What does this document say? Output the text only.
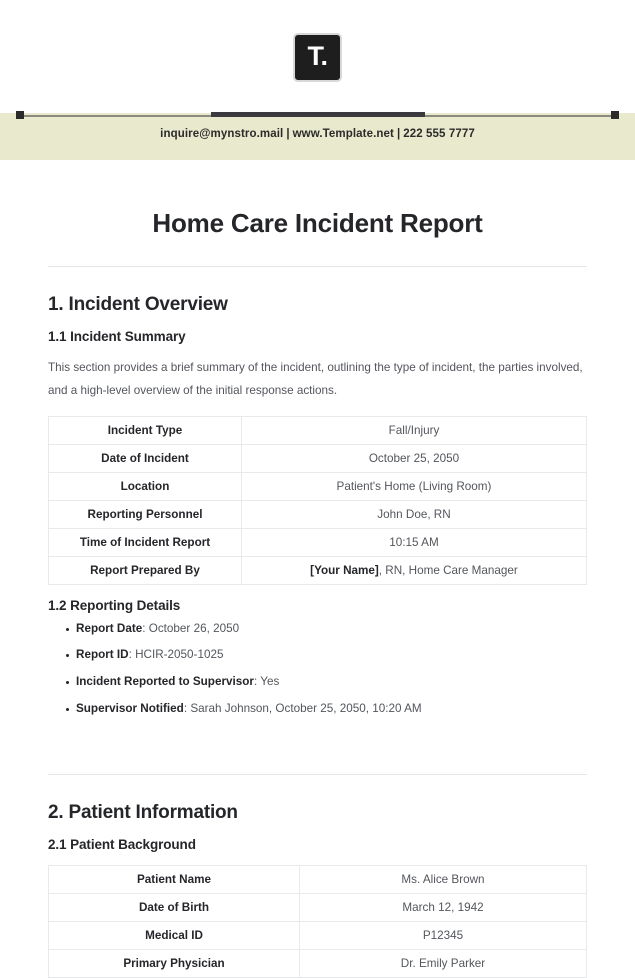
T.
inquire@mynstro.mail | www.Template.net | 222 555 7777
Home Care Incident Report
1. Incident Overview
1.1 Incident Summary

This section provides a brief summary of the incident, outlining the type of incident, the parties involved, and a high-level overview of the initial response actions.

Incident Type	Fall/Injury
Date of Incident	October 25, 2050
Location	Patient's Home (Living Room)
Reporting Personnel	John Doe, RN
Time of Incident Report	10:15 AM
Report Prepared By	[Your Name], RN, Home Care Manager
1.2 Reporting Details
Report Date: October 26, 2050
Report ID: HCIR-2050-1025
Incident Reported to Supervisor: Yes
Supervisor Notified: Sarah Johnson, October 25, 2050, 10:20 AM
2. Patient Information
2.1 Patient Background
Patient Name	Ms. Alice Brown
Date of Birth	March 12, 1942
Medical ID	P12345
Primary Physician	Dr. Emily Parker
